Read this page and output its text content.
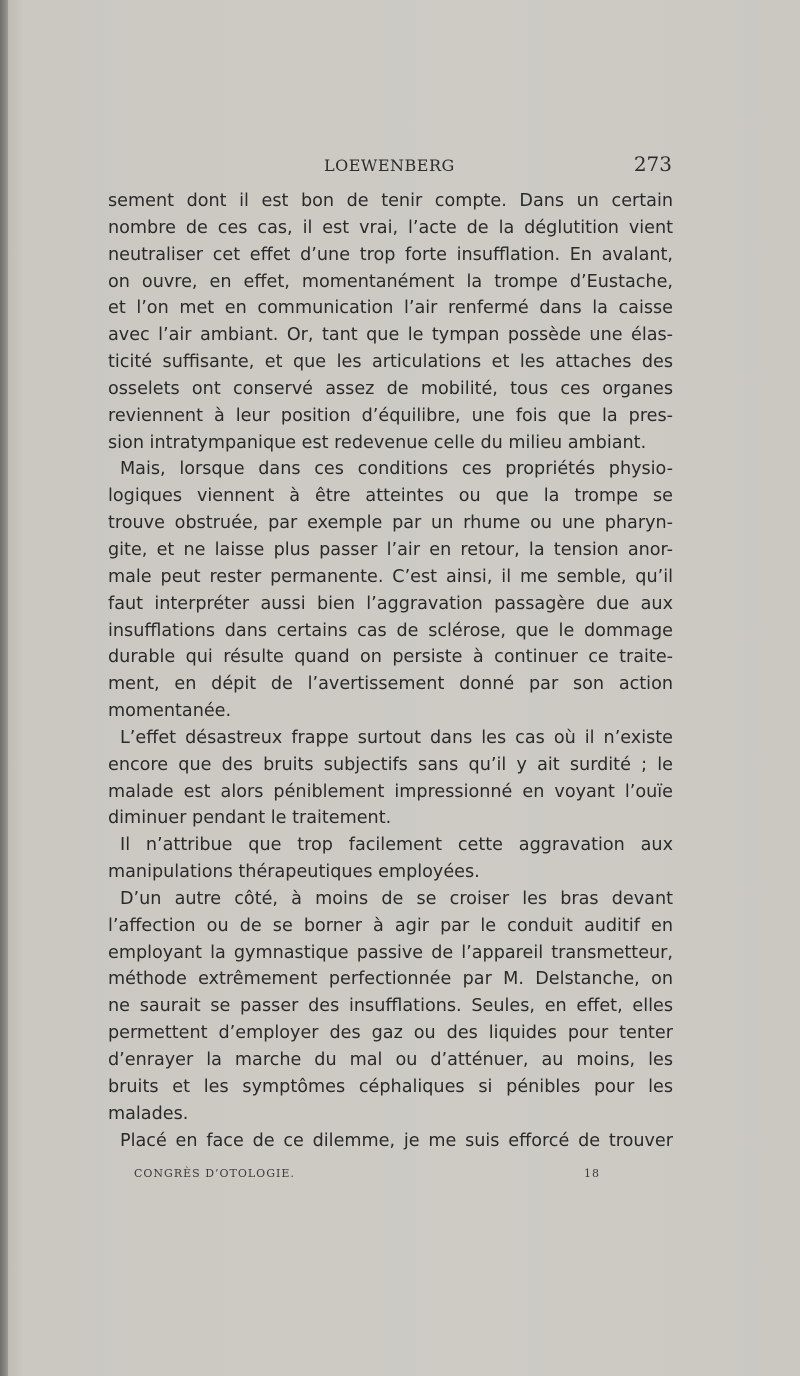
LOEWENBERG	273
sement dont il est bon de tenir compte. Dans un certain
nombre de ces cas, il est vrai, l’acte de la déglutition vient
neutraliser cet effet d’une trop forte insufflation. En avalant,
on ouvre, en effet, momentanément la trompe d’Eustache,
et l’on met en communication l’air renfermé dans la caisse
avec l’air ambiant. Or, tant que le tympan possède une élas-
ticité suffisante, et que les articulations et les attaches des
osselets ont conservé assez de mobilité, tous ces organes
reviennent à leur position d’équilibre, une fois que la pres-
sion intratympanique est redevenue celle du milieu ambiant.
Mais, lorsque dans ces conditions ces propriétés physio-
logiques viennent à être atteintes ou que la trompe se
trouve obstruée, par exemple par un rhume ou une pharyn-
gite, et ne laisse plus passer l’air en retour, la tension anor-
male peut rester permanente. C’est ainsi, il me semble, qu’il
faut interpréter aussi bien l’aggravation passagère due aux
insufflations dans certains cas de sclérose, que le dommage
durable qui résulte quand on persiste à continuer ce traite-
ment, en dépit de l’avertissement donné par son action
momentanée.
L’effet désastreux frappe surtout dans les cas où il n’existe
encore que des bruits subjectifs sans qu’il y ait surdité ; le
malade est alors péniblement impressionné en voyant l’ouïe
diminuer pendant le traitement.
Il n’attribue que trop facilement cette aggravation aux
manipulations thérapeutiques employées.
D’un autre côté, à moins de se croiser les bras devant
l’affection ou de se borner à agir par le conduit auditif en
employant la gymnastique passive de l’appareil transmetteur,
méthode extrêmement perfectionnée par M. Delstanche, on
ne saurait se passer des insufflations. Seules, en effet, elles
permettent d’employer des gaz ou des liquides pour tenter
d’enrayer la marche du mal ou d’atténuer, au moins, les
bruits et les symptômes céphaliques si pénibles pour les
malades.
Placé en face de ce dilemme, je me suis efforcé de trouver
CONGRÈS D’OTOLOGIE.	18
